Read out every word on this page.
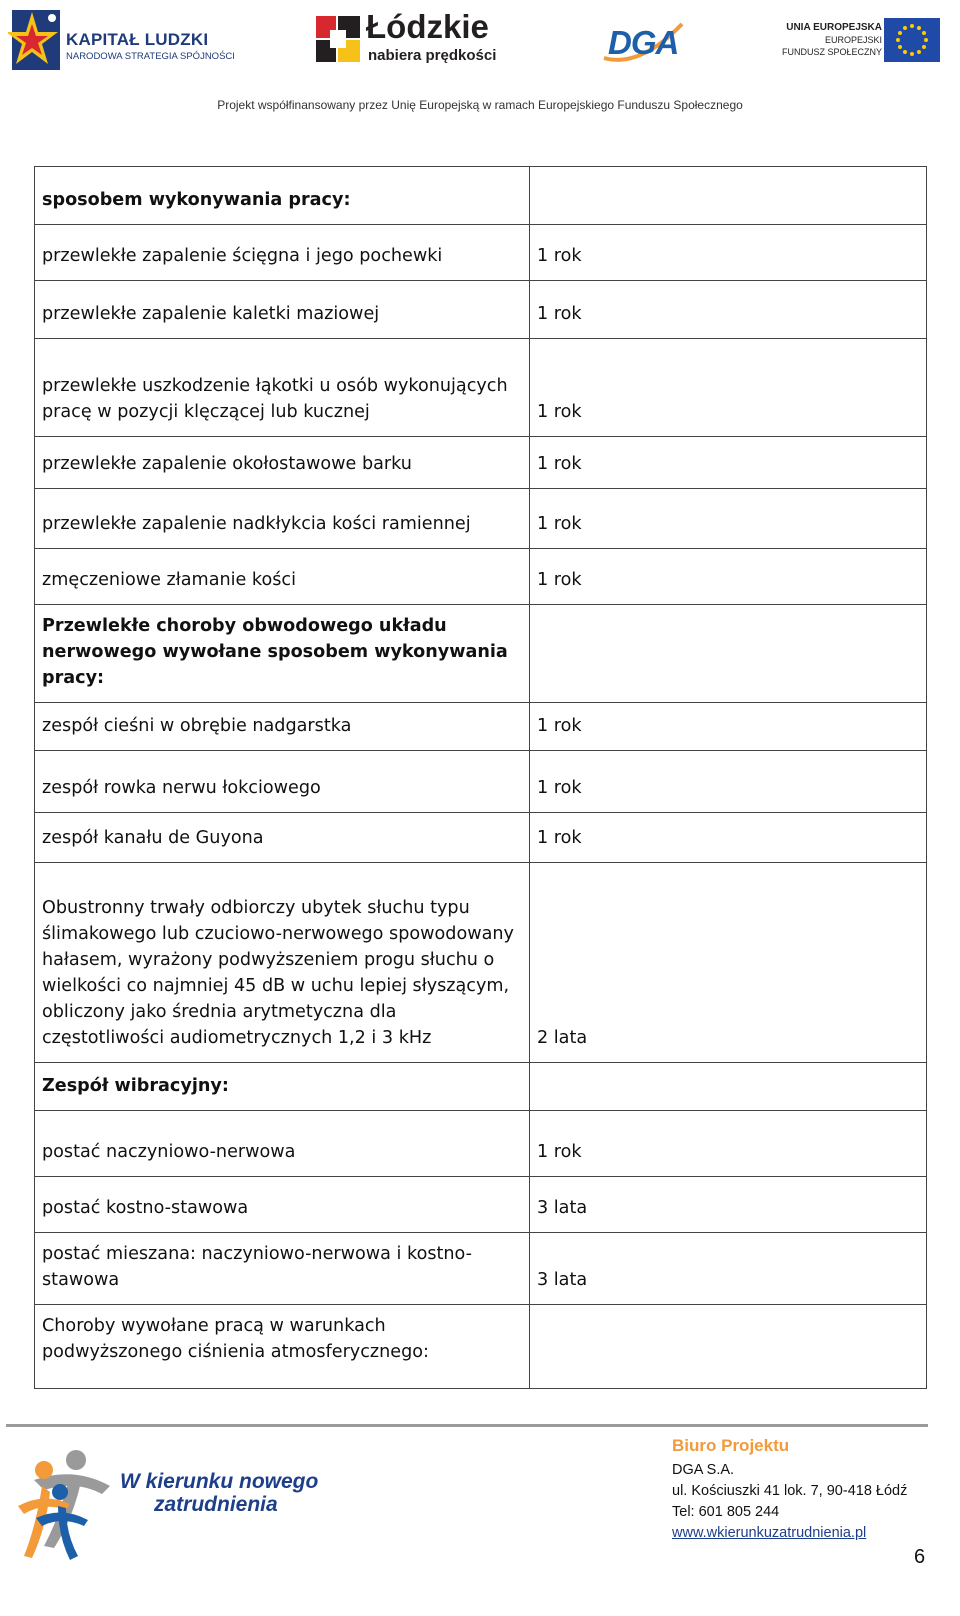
KAPITAŁ LUDZKI
NARODOWA STRATEGIA SPÓJNOŚCI
Łódzkie
nabiera prędkości	DGA	UNIA EUROPEJSKA
EUROPEJSKI
FUNDUSZ SPOŁECZNY
Projekt współfinansowany przez Unię Europejską w ramach Europejskiego Funduszu Społecznego
sposobem wykonywania pracy:	
przewlekłe zapalenie ścięgna i jego pochewki	1 rok
przewlekłe zapalenie kaletki maziowej	1 rok
przewlekłe uszkodzenie łąkotki u osób wykonujących pracę w pozycji klęczącej lub kucznej	1 rok
przewlekłe zapalenie okołostawowe barku	1 rok
przewlekłe zapalenie nadkłykcia kości ramiennej	1 rok
zmęczeniowe złamanie kości	1 rok
Przewlekłe choroby obwodowego układu nerwowego wywołane sposobem wykonywania pracy:	
zespół cieśni w obrębie nadgarstka	1 rok
zespół rowka nerwu łokciowego	1 rok
zespół kanału de Guyona	1 rok
Obustronny trwały odbiorczy ubytek słuchu typu ślimakowego lub czuciowo-nerwowego spowodowany hałasem, wyrażony podwyższeniem progu słuchu o wielkości co najmniej 45 dB w uchu lepiej słyszącym, obliczony jako średnia arytmetyczna dla częstotliwości audiometrycznych 1,2 i 3 kHz	2 lata
Zespół wibracyjny:	
postać naczyniowo-nerwowa	1 rok
postać kostno-stawowa	3 lata
postać mieszana: naczyniowo-nerwowa i kostno-stawowa	3 lata
Choroby wywołane pracą w warunkach podwyższonego ciśnienia atmosferycznego:	
W kierunku nowego
zatrudnienia
Biuro Projektu
DGA S.A.
ul. Kościuszki 41 lok. 7, 90-418 Łódź
Tel: 601 805 244
www.wkierunkuzatrudnienia.pl
6
